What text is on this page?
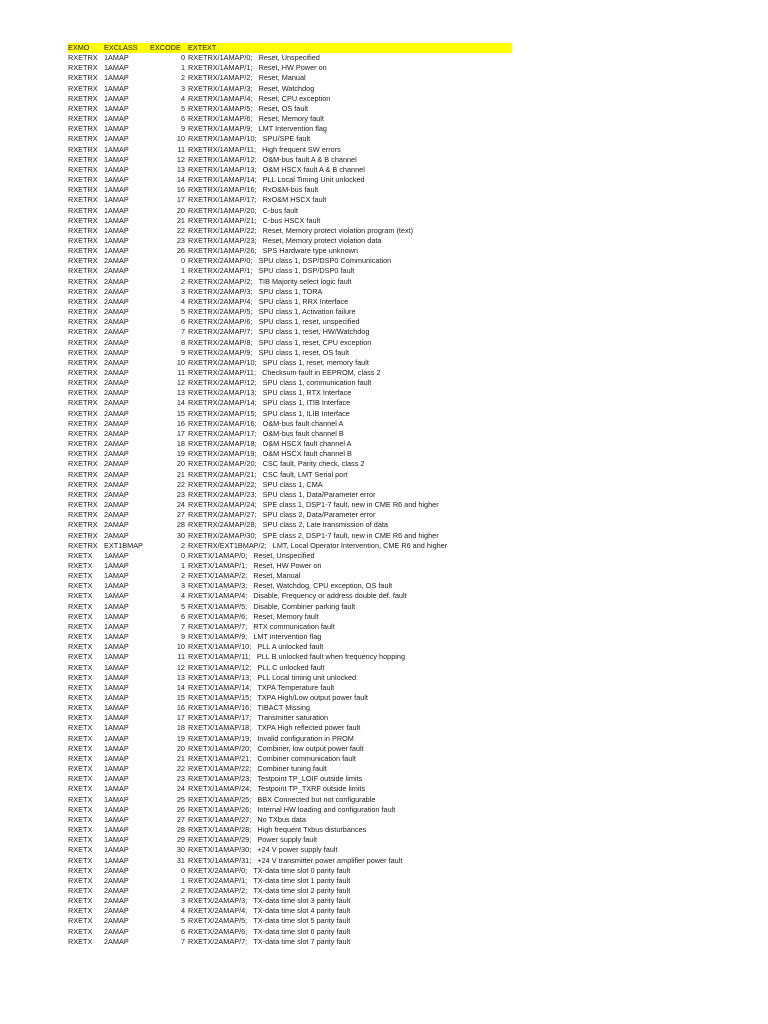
EXMO	EXCLASS	EXCODE	EXTEXT
RXETRX	1AMAP	0	RXETRX/1AMAP/0; Reset, Unspecified
RXETRX	1AMAP	1	RXETRX/1AMAP/1; Reset, HW Power on
RXETRX	1AMAP	2	RXETRX/1AMAP/2; Reset, Manual
RXETRX	1AMAP	3	RXETRX/1AMAP/3; Reset, Watchdog
RXETRX	1AMAP	4	RXETRX/1AMAP/4; Reset, CPU exception
RXETRX	1AMAP	5	RXETRX/1AMAP/5; Reset, OS fault
RXETRX	1AMAP	6	RXETRX/1AMAP/6; Reset, Memory fault
RXETRX	1AMAP	9	RXETRX/1AMAP/9; LMT Intervention flag
RXETRX	1AMAP	10	RXETRX/1AMAP/10; SPU/SPE fault
RXETRX	1AMAP	11	RXETRX/1AMAP/11; High frequent SW errors
RXETRX	1AMAP	12	RXETRX/1AMAP/12; O&M-bus fault A & B channel
RXETRX	1AMAP	13	RXETRX/1AMAP/13; O&M HSCX fault A & B channel
RXETRX	1AMAP	14	RXETRX/1AMAP/14; PLL Local Timing Unit unlocked
RXETRX	1AMAP	16	RXETRX/1AMAP/16; RxO&M-bus fault
RXETRX	1AMAP	17	RXETRX/1AMAP/17; RxO&M HSCX fault
RXETRX	1AMAP	20	RXETRX/1AMAP/20; C-bus fault
RXETRX	1AMAP	21	RXETRX/1AMAP/21; C-bus HSCX fault
RXETRX	1AMAP	22	RXETRX/1AMAP/22; Reset, Memory protect violation program (text)
RXETRX	1AMAP	23	RXETRX/1AMAP/23; Reset, Memory protect violation data
RXETRX	1AMAP	26	RXETRX/1AMAP/26; SPS Hardware type unknown
RXETRX	2AMAP	0	RXETRX/2AMAP/0; SPU class 1, DSP/DSP0 Communication
RXETRX	2AMAP	1	RXETRX/2AMAP/1; SPU class 1, DSP/DSP0 fault
RXETRX	2AMAP	2	RXETRX/2AMAP/2; TIB Majority select logic fault
RXETRX	2AMAP	3	RXETRX/2AMAP/3; SPU class 1, TORA
RXETRX	2AMAP	4	RXETRX/2AMAP/4; SPU class 1, RRX Interface
RXETRX	2AMAP	5	RXETRX/2AMAP/5; SPU class 1, Activation failure
RXETRX	2AMAP	6	RXETRX/2AMAP/6; SPU class 1, reset, unspecified
RXETRX	2AMAP	7	RXETRX/2AMAP/7; SPU class 1, reset, HW/Watchdog
RXETRX	2AMAP	8	RXETRX/2AMAP/8; SPU class 1, reset, CPU exception
RXETRX	2AMAP	9	RXETRX/2AMAP/9; SPU class 1, reset, OS fault
RXETRX	2AMAP	10	RXETRX/2AMAP/10; SPU class 1, reset, memory fault
RXETRX	2AMAP	11	RXETRX/2AMAP/11; Checksum fault in EEPROM, class 2
RXETRX	2AMAP	12	RXETRX/2AMAP/12; SPU class 1, communication fault
RXETRX	2AMAP	13	RXETRX/2AMAP/13; SPU class 1, RTX Interface
RXETRX	2AMAP	14	RXETRX/2AMAP/14; SPU class 1, ITIB Interface
RXETRX	2AMAP	15	RXETRX/2AMAP/15; SPU class 1, ILIB Interface
RXETRX	2AMAP	16	RXETRX/2AMAP/16; O&M-bus fault channel A
RXETRX	2AMAP	17	RXETRX/2AMAP/17; O&M-bus fault channel B
RXETRX	2AMAP	18	RXETRX/2AMAP/18; O&M HSCX fault channel A
RXETRX	2AMAP	19	RXETRX/2AMAP/19; O&M HSCX fault channel B
RXETRX	2AMAP	20	RXETRX/2AMAP/20; CSC fault, Parity check, class 2
RXETRX	2AMAP	21	RXETRX/2AMAP/21; CSC fault, LMT Serial port
RXETRX	2AMAP	22	RXETRX/2AMAP/22; SPU class 1, CMA
RXETRX	2AMAP	23	RXETRX/2AMAP/23; SPU class 1, Data/Parameter error
RXETRX	2AMAP	24	RXETRX/2AMAP/24; SPE class 1, DSP1-7 fault, new in CME R6 and higher
RXETRX	2AMAP	27	RXETRX/2AMAP/27; SPU class 2, Data/Parameter error
RXETRX	2AMAP	28	RXETRX/2AMAP/28; SPU class 2, Late transmission of data
RXETRX	2AMAP	30	RXETRX/2AMAP/30; SPE class 2, DSP1-7 fault, new in CME R6 and higher
RXETRX	EXT1BMAP	2	RXETRX/EXT1BMAP/2; LMT, Local Operator Intervention, CME R6 and higher
RXETX	1AMAP	0	RXETX/1AMAP/0; Reset, Unspecified
RXETX	1AMAP	1	RXETX/1AMAP/1; Reset, HW Power on
RXETX	1AMAP	2	RXETX/1AMAP/2; Reset, Manual
RXETX	1AMAP	3	RXETX/1AMAP/3; Reset, Watchdog, CPU exception, OS fault
RXETX	1AMAP	4	RXETX/1AMAP/4; Disable, Frequency or address double def. fault
RXETX	1AMAP	5	RXETX/1AMAP/5; Disable, Combiner parking fault
RXETX	1AMAP	6	RXETX/1AMAP/6; Reset, Memory fault
RXETX	1AMAP	7	RXETX/1AMAP/7; RTX communication fault
RXETX	1AMAP	9	RXETX/1AMAP/9; LMT intervention flag
RXETX	1AMAP	10	RXETX/1AMAP/10; PLL A unlocked fault
RXETX	1AMAP	11	RXETX/1AMAP/11; PLL B unlocked fault when frequency hopping
RXETX	1AMAP	12	RXETX/1AMAP/12; PLL C unlocked fault
RXETX	1AMAP	13	RXETX/1AMAP/13; PLL Local timing unit unlocked
RXETX	1AMAP	14	RXETX/1AMAP/14; TXPA Temperature fault
RXETX	1AMAP	15	RXETX/1AMAP/15; TXPA High/Low output power fault
RXETX	1AMAP	16	RXETX/1AMAP/16; TIBACT Missing
RXETX	1AMAP	17	RXETX/1AMAP/17; Transmitter saturation
RXETX	1AMAP	18	RXETX/1AMAP/18; TXPA High reflected power fault
RXETX	1AMAP	19	RXETX/1AMAP/19; Invalid configuration in PROM
RXETX	1AMAP	20	RXETX/1AMAP/20; Combiner, low output power fault
RXETX	1AMAP	21	RXETX/1AMAP/21; Combiner communication fault
RXETX	1AMAP	22	RXETX/1AMAP/22; Combiner tuning fault
RXETX	1AMAP	23	RXETX/1AMAP/23; Testpoint TP_LOIF outside limits
RXETX	1AMAP	24	RXETX/1AMAP/24; Testpoint TP_TXRF outside limits
RXETX	1AMAP	25	RXETX/1AMAP/25; BBX Connected but not configurable
RXETX	1AMAP	26	RXETX/1AMAP/26; Internal HW loading and configuration fault
RXETX	1AMAP	27	RXETX/1AMAP/27; No TXbus data
RXETX	1AMAP	28	RXETX/1AMAP/28; High frequent Txbus disturbances
RXETX	1AMAP	29	RXETX/1AMAP/29; Power supply fault
RXETX	1AMAP	30	RXETX/1AMAP/30; +24 V power supply fault
RXETX	1AMAP	31	RXETX/1AMAP/31; +24 V transmitter power amplifier power fault
RXETX	2AMAP	0	RXETX/2AMAP/0; TX-data time slot 0 parity fault
RXETX	2AMAP	1	RXETX/2AMAP/1; TX-data time slot 1 parity fault
RXETX	2AMAP	2	RXETX/2AMAP/2; TX-data time slot 2 parity fault
RXETX	2AMAP	3	RXETX/2AMAP/3; TX-data time slot 3 parity fault
RXETX	2AMAP	4	RXETX/2AMAP/4; TX-data time slot 4 parity fault
RXETX	2AMAP	5	RXETX/2AMAP/5; TX-data time slot 5 parity fault
RXETX	2AMAP	6	RXETX/2AMAP/6; TX-data time slot 6 parity fault
RXETX	2AMAP	7	RXETX/2AMAP/7; TX-data time slot 7 parity fault
